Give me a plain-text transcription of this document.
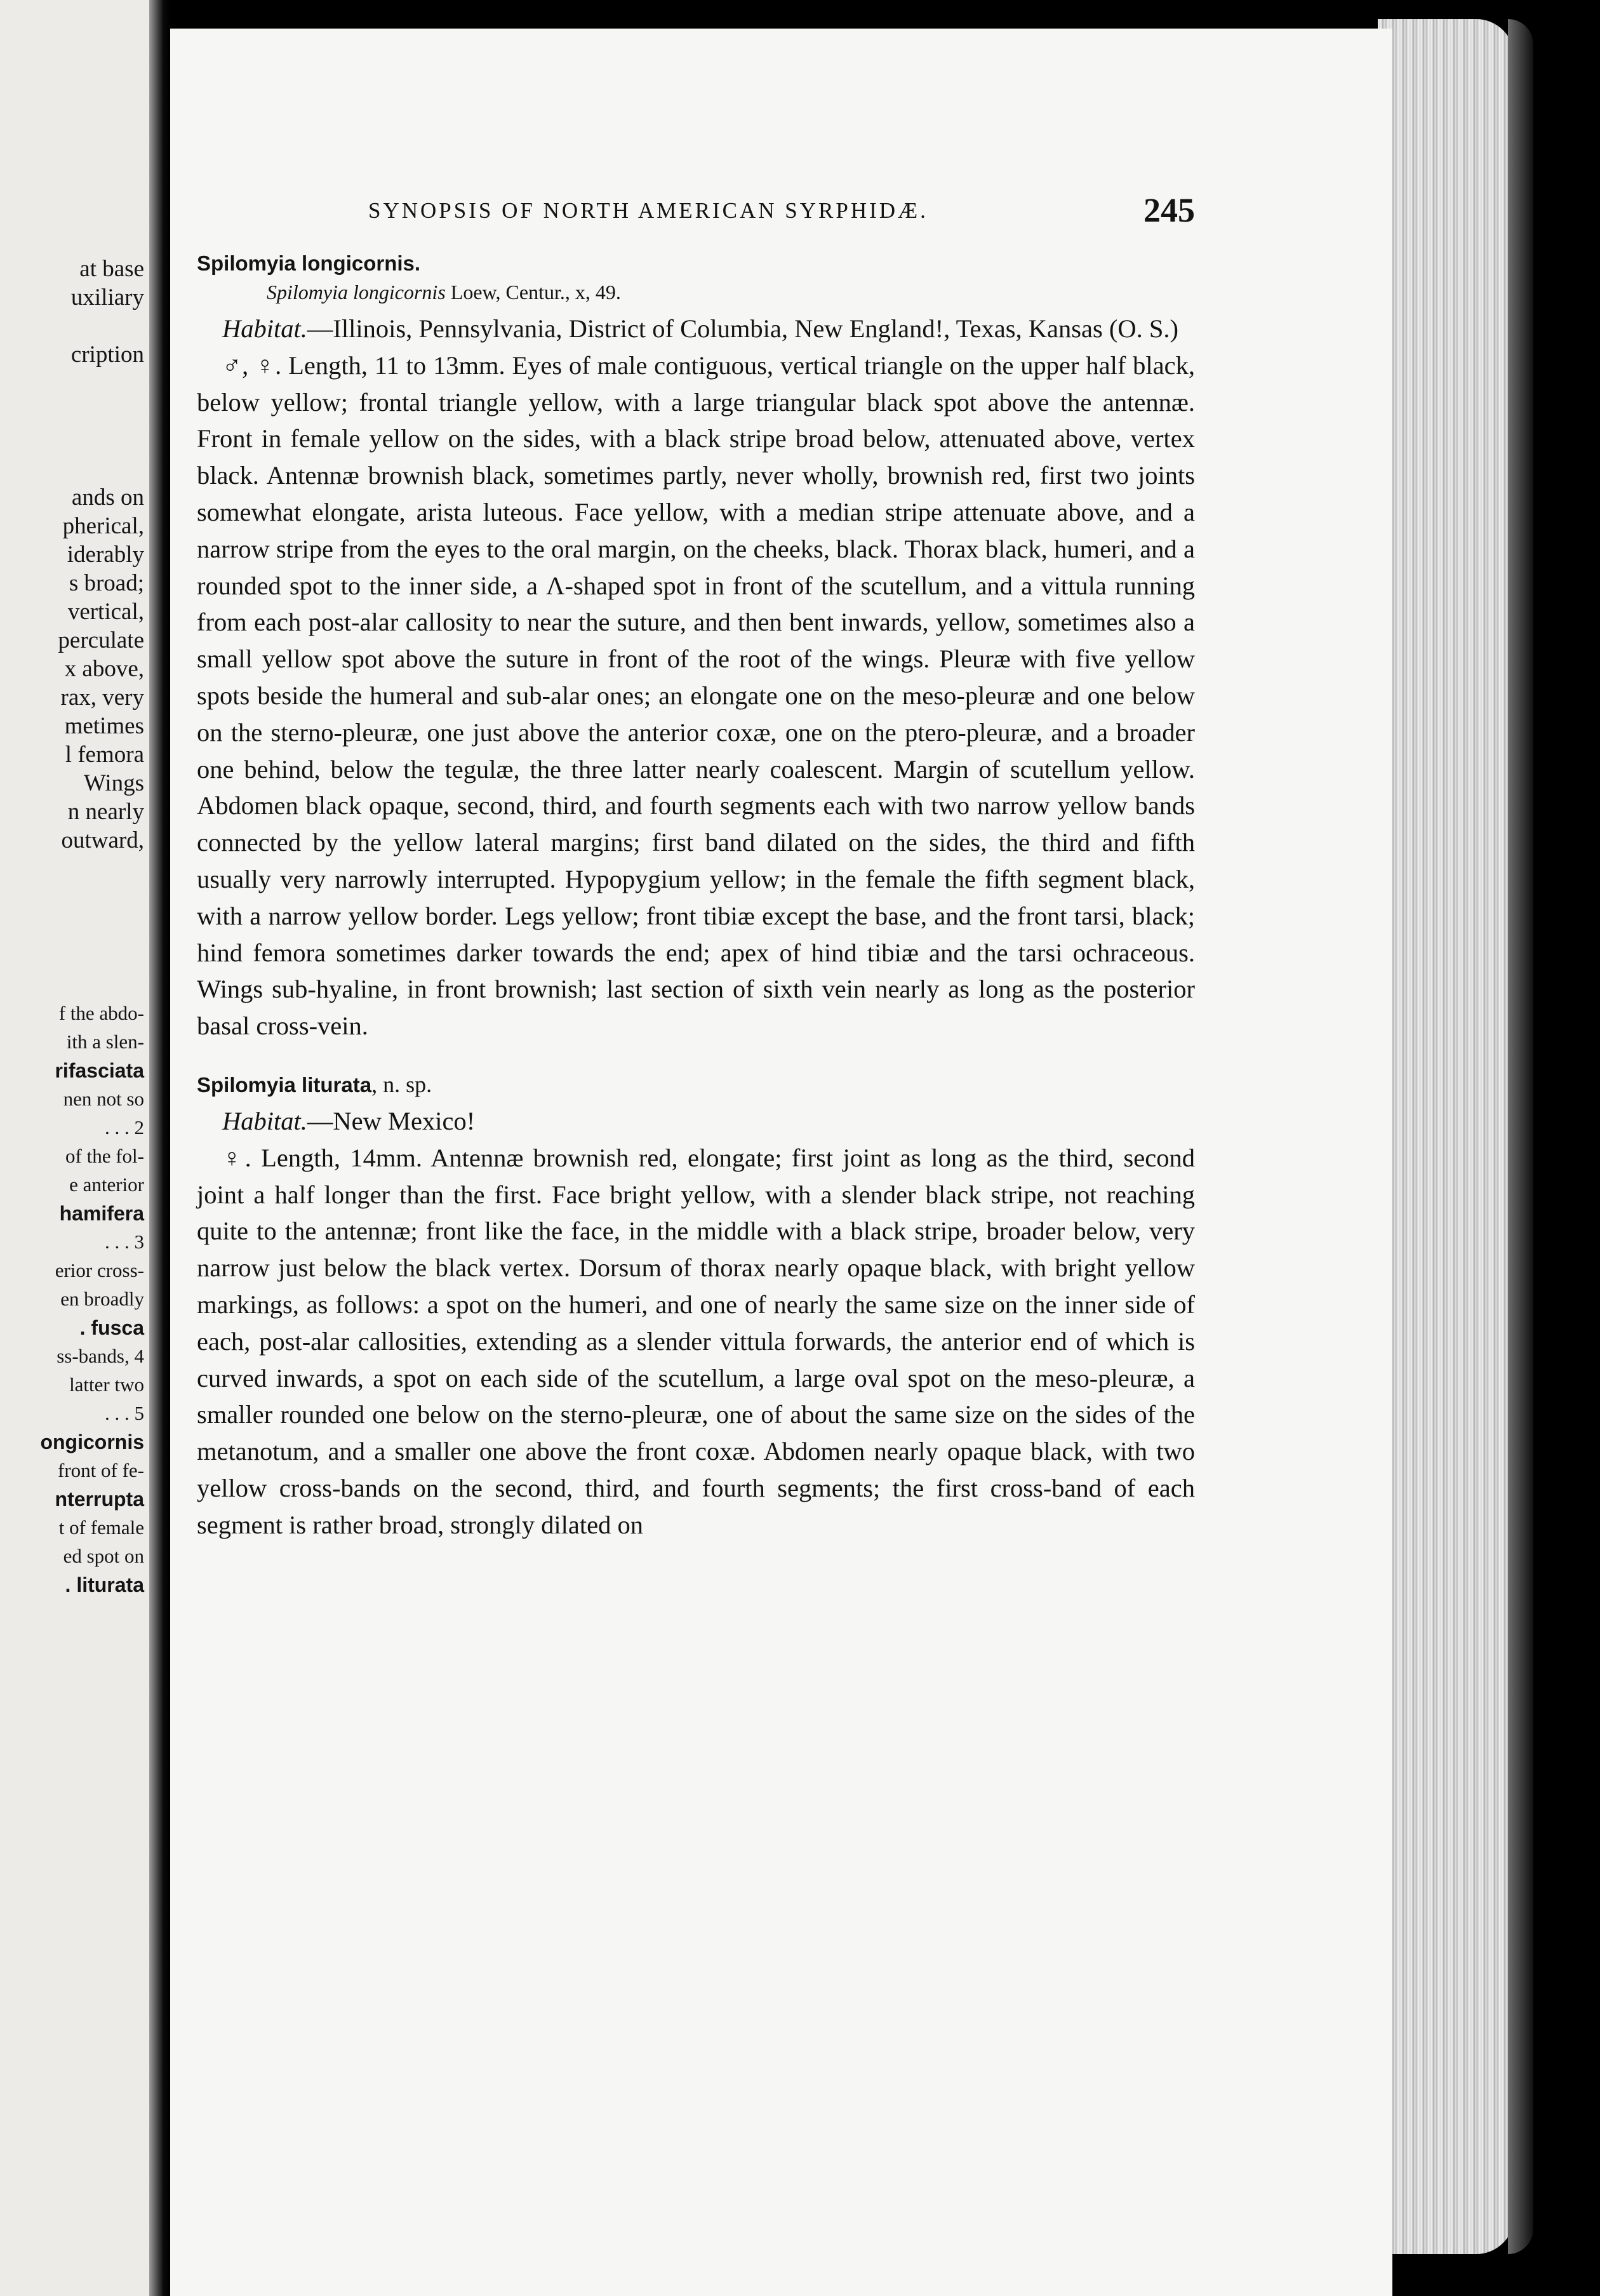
at base
uxiliary
cription
ands on
pherical,
iderably
s broad;
vertical,
perculate
x above,
rax, very
metimes
l femora
Wings
n nearly
outward,
f the abdo-
ith a slen-
rifasciata
nen not so
. . . 2
of the fol-
e anterior
hamifera
. . . 3
erior cross-
en broadly
. fusca
ss-bands, 4
latter two
. . . 5
ongicornis
front of fe-
nterrupta
t of female
ed spot on
. liturata
SYNOPSIS OF NORTH AMERICAN SYRPHIDÆ.	245
Spilomyia longicornis.
Spilomyia longicornis Loew, Centur., x, 49.

Habitat.—Illinois, Pennsylvania, District of Columbia, New England!, Texas, Kansas (O. S.)

♂, ♀. Length, 11 to 13mm. Eyes of male contiguous, vertical triangle on the upper half black, below yellow; frontal triangle yellow, with a large triangular black spot above the antennæ. Front in female yellow on the sides, with a black stripe broad below, attenuated above, vertex black. Antennæ brownish black, sometimes partly, never wholly, brownish red, first two joints somewhat elongate, arista luteous. Face yellow, with a median stripe attenuate above, and a narrow stripe from the eyes to the oral margin, on the cheeks, black. Thorax black, humeri, and a rounded spot to the inner side, a Λ-shaped spot in front of the scutellum, and a vittula running from each post-alar callosity to near the suture, and then bent inwards, yellow, sometimes also a small yellow spot above the suture in front of the root of the wings. Pleuræ with five yellow spots beside the humeral and sub-alar ones; an elongate one on the meso-pleuræ and one below on the sterno-pleuræ, one just above the anterior coxæ, one on the ptero-pleuræ, and a broader one behind, below the tegulæ, the three latter nearly coalescent. Margin of scutellum yellow. Abdomen black opaque, second, third, and fourth segments each with two narrow yellow bands connected by the yellow lateral margins; first band dilated on the sides, the third and fifth usually very narrowly interrupted. Hypopygium yellow; in the female the fifth segment black, with a narrow yellow border. Legs yellow; front tibiæ except the base, and the front tarsi, black; hind femora sometimes darker towards the end; apex of hind tibiæ and the tarsi ochraceous. Wings sub-hyaline, in front brownish; last section of sixth vein nearly as long as the posterior basal cross-vein.

Spilomyia liturata, n. sp.

Habitat.—New Mexico!

♀. Length, 14mm. Antennæ brownish red, elongate; first joint as long as the third, second joint a half longer than the first. Face bright yellow, with a slender black stripe, not reaching quite to the antennæ; front like the face, in the middle with a black stripe, broader below, very narrow just below the black vertex. Dorsum of thorax nearly opaque black, with bright yellow markings, as follows: a spot on the humeri, and one of nearly the same size on the inner side of each, post-alar callosities, extending as a slender vittula forwards, the anterior end of which is curved inwards, a spot on each side of the scutellum, a large oval spot on the meso-pleuræ, a smaller rounded one below on the sterno-pleuræ, one of about the same size on the sides of the metanotum, and a smaller one above the front coxæ. Abdomen nearly opaque black, with two yellow cross-bands on the second, third, and fourth segments; the first cross-band of each segment is rather broad, strongly dilated on
